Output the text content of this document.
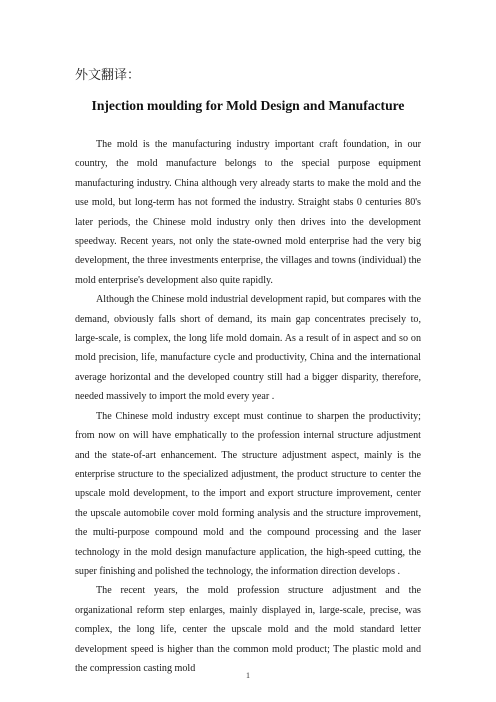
外文翻译：
Injection moulding for Mold Design and Manufacture

The mold is the manufacturing industry important craft foundation, in our country, the mold manufacture belongs to the special purpose equipment manufacturing industry. China although very already starts to make the mold and the use mold, but long-term has not formed the industry. Straight stabs 0 centuries 80's later periods, the Chinese mold industry only then drives into the development speedway. Recent years, not only the state-owned mold enterprise had the very big development, the three investments enterprise, the villages and towns (individual) the mold enterprise's development also quite rapidly.

Although the Chinese mold industrial development rapid, but compares with the demand, obviously falls short of demand, its main gap concentrates precisely to, large-scale, is complex, the long life mold domain. As a result of in aspect and so on mold precision, life, manufacture cycle and productivity, China and the international average horizontal and the developed country still had a bigger disparity, therefore, needed massively to import the mold every year .

The Chinese mold industry except must continue to sharpen the productivity; from now on will have emphatically to the profession internal structure adjustment and the state-of-art enhancement. The structure adjustment aspect, mainly is the enterprise structure to the specialized adjustment, the product structure to center the upscale mold development, to the import and export structure improvement, center the upscale automobile cover mold forming analysis and the structure improvement, the multi-purpose compound mold and the compound processing and the laser technology in the mold design manufacture application, the high-speed cutting, the super finishing and polished the technology, the information direction develops .

The recent years, the mold profession structure adjustment and the organizational reform step enlarges, mainly displayed in, large-scale, precise, was complex, the long life, center the upscale mold and the mold standard letter development speed is higher than the common mold product; The plastic mold and the compression casting mold

1
